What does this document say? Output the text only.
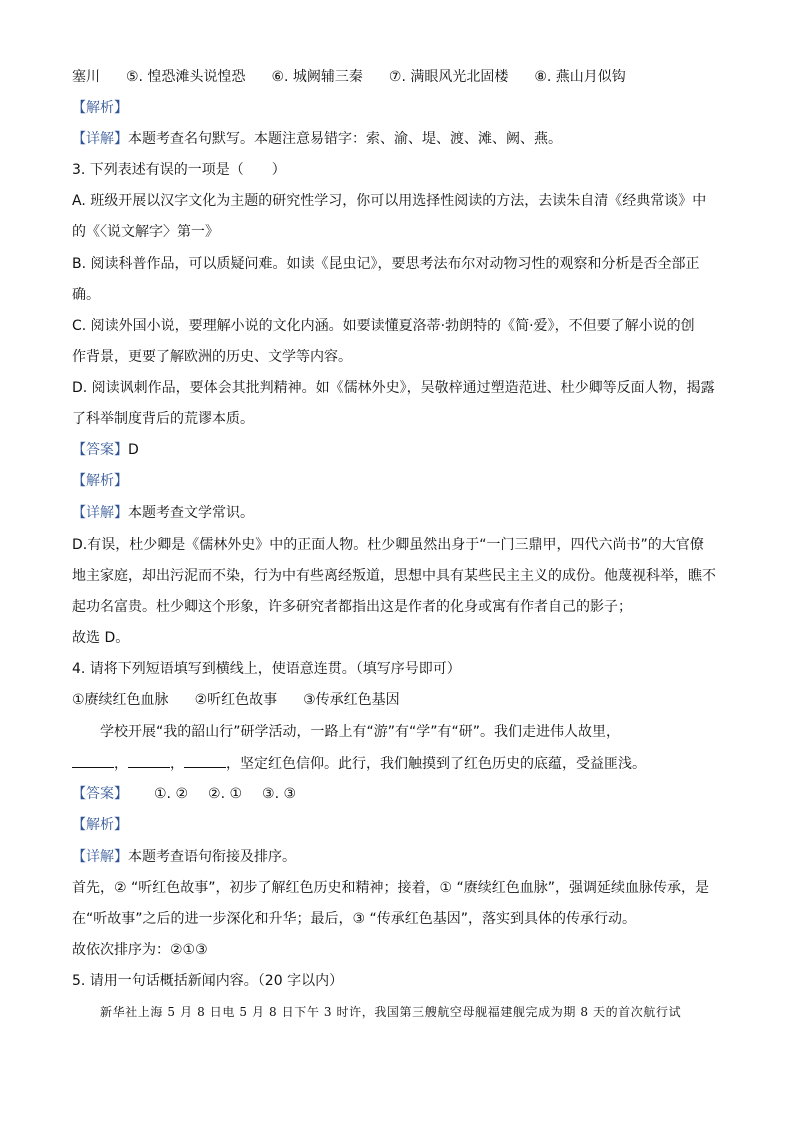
塞川 ⑤. 惶恐滩头说惶恐 ⑥. 城阙辅三秦 ⑦. 满眼风光北固楼 ⑧. 燕山月似钩
【解析】
【详解】本题考查名句默写。本题注意易错字：索、渝、堤、渡、滩、阙、燕。
3. 下列表述有误的一项是（　　）
A. 班级开展以汉字文化为主题的研究性学习，你可以用选择性阅读的方法，去读朱自清《经典常谈》中
的《〈说文解字〉第一》
B. 阅读科普作品，可以质疑问难。如读《昆虫记》，要思考法布尔对动物习性的观察和分析是否全部正
确。
C. 阅读外国小说，要理解小说的文化内涵。如要读懂夏洛蒂·勃朗特的《简·爱》，不但要了解小说的创
作背景，更要了解欧洲的历史、文学等内容。
D. 阅读讽刺作品，要体会其批判精神。如《儒林外史》，吴敬梓通过塑造范进、杜少卿等反面人物，揭露
了科举制度背后的荒谬本质。
【答案】D
【解析】
【详解】本题考查文学常识。
D.有误，杜少卿是《儒林外史》中的正面人物。杜少卿虽然出身于“一门三鼎甲，四代六尚书”的大官僚
地主家庭，却出污泥而不染，行为中有些离经叛道，思想中具有某些民主主义的成份。他蔑视科举，瞧不
起功名富贵。杜少卿这个形象，许多研究者都指出这是作者的化身或寓有作者自己的影子；
故选 D。
4. 请将下列短语填写到横线上，使语意连贯。（填写序号即可）
①赓续红色血脉 ②听红色故事 ③传承红色基因
学校开展“我的韶山行”研学活动，一路上有“游”有“学”有“研”。我们走进伟人故里，
，	，	，坚定红色信仰。此行，我们触摸到了红色历史的底蕴，受益匪浅。
【答案】 ①. ② ②. ① ③. ③
【解析】
【详解】本题考查语句衔接及排序。
首先，② “听红色故事”，初步了解红色历史和精神；接着，① “赓续红色血脉”，强调延续血脉传承，是
在“听故事”之后的进一步深化和升华；最后，③ “传承红色基因”，落实到具体的传承行动。
故依次排序为：②①③
5. 请用一句话概括新闻内容。（20 字以内）
新华社上海 5 月 8 日电 5 月 8 日下午 3 时许，我国第三艘航空母舰福建舰完成为期 8 天的首次航行试
